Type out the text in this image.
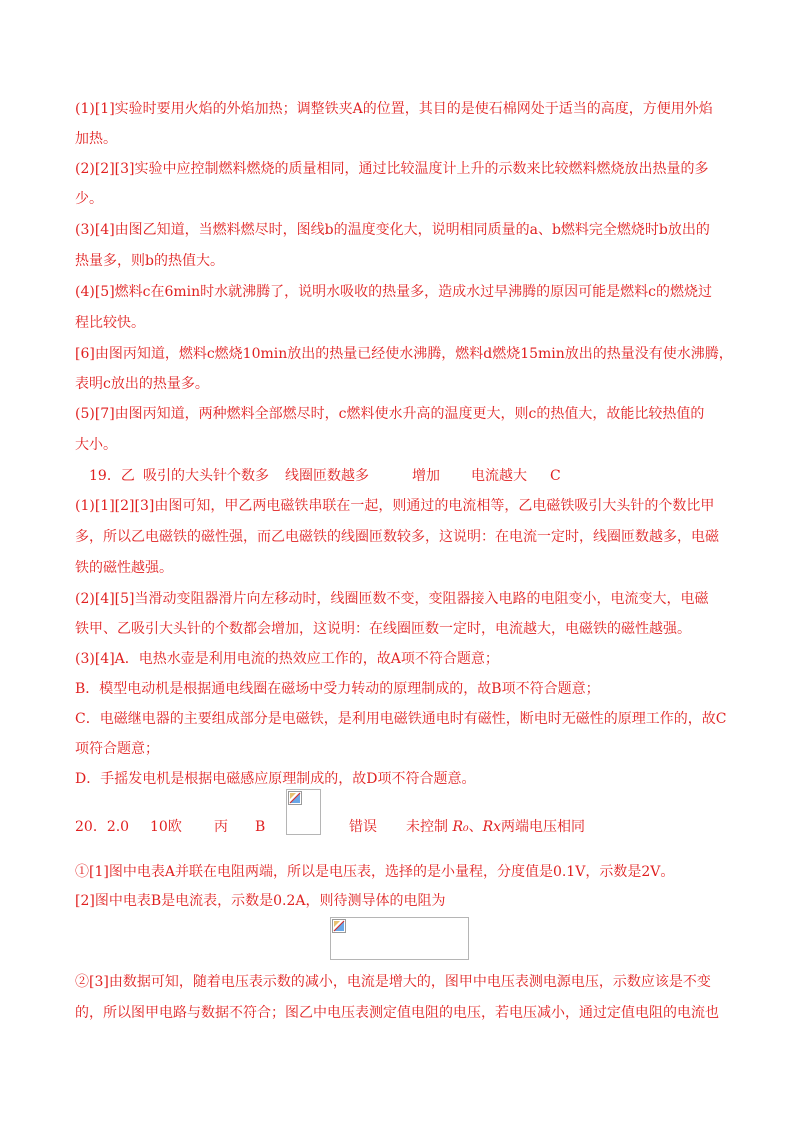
(1)[1]实验时要用火焰的外焰加热；调整铁夹A的位置，其目的是使石棉网处于适当的高度，方便用外焰
加热。
(2)[2][3]实验中应控制燃料燃烧的质量相同，通过比较温度计上升的示数来比较燃料燃烧放出热量的多
少。
(3)[4]由图乙知道，当燃料燃尽时，图线b的温度变化大，说明相同质量的a、b燃料完全燃烧时b放出的
热量多，则b的热值大。
(4)[5]燃料c在6min时水就沸腾了，说明水吸收的热量多，造成水过早沸腾的原因可能是燃料c的燃烧过
程比较快。
[6]由图丙知道，燃料c燃烧10min放出的热量已经使水沸腾，燃料d燃烧15min放出的热量没有使水沸腾，
表明c放出的热量多。
(5)[7]由图丙知道，两种燃料全部燃尽时，c燃料使水升高的温度更大，则c的热值大，故能比较热值的
大小。
19．乙 吸引的大头针个数多 线圈匝数越多	增加 电流越大 C
(1)[1][2][3]由图可知，甲乙两电磁铁串联在一起，则通过的电流相等，乙电磁铁吸引大头针的个数比甲
多，所以乙电磁铁的磁性强，而乙电磁铁的线圈匝数较多，这说明：在电流一定时，线圈匝数越多，电磁
铁的磁性越强。
(2)[4][5]当滑动变阻器滑片向左移动时，线圈匝数不变，变阻器接入电路的电阻变小，电流变大，电磁
铁甲、乙吸引大头针的个数都会增加，这说明：在线圈匝数一定时，电流越大，电磁铁的磁性越强。
(3)[4]A．电热水壶是利用电流的热效应工作的，故A项不符合题意；
B．模型电动机是根据通电线圈在磁场中受力转动的原理制成的，故B项不符合题意；
C．电磁继电器的主要组成部分是电磁铁，是利用电磁铁通电时有磁性，断电时无磁性的原理工作的，故C
项符合题意；
D．手摇发电机是根据电磁感应原理制成的，故D项不符合题意。
20．2.0 10欧 丙 B	错误 未控制 R₀、Rx两端电压相同
①[1]图中电表A并联在电阻两端，所以是电压表，选择的是小量程，分度值是0.1V，示数是2V。
[2]图中电表B是电流表，示数是0.2A，则待测导体的电阻为
②[3]由数据可知，随着电压表示数的减小，电流是增大的，图甲中电压表测电源电压，示数应该是不变
的，所以图甲电路与数据不符合；图乙中电压表测定值电阻的电压，若电压减小，通过定值电阻的电流也
